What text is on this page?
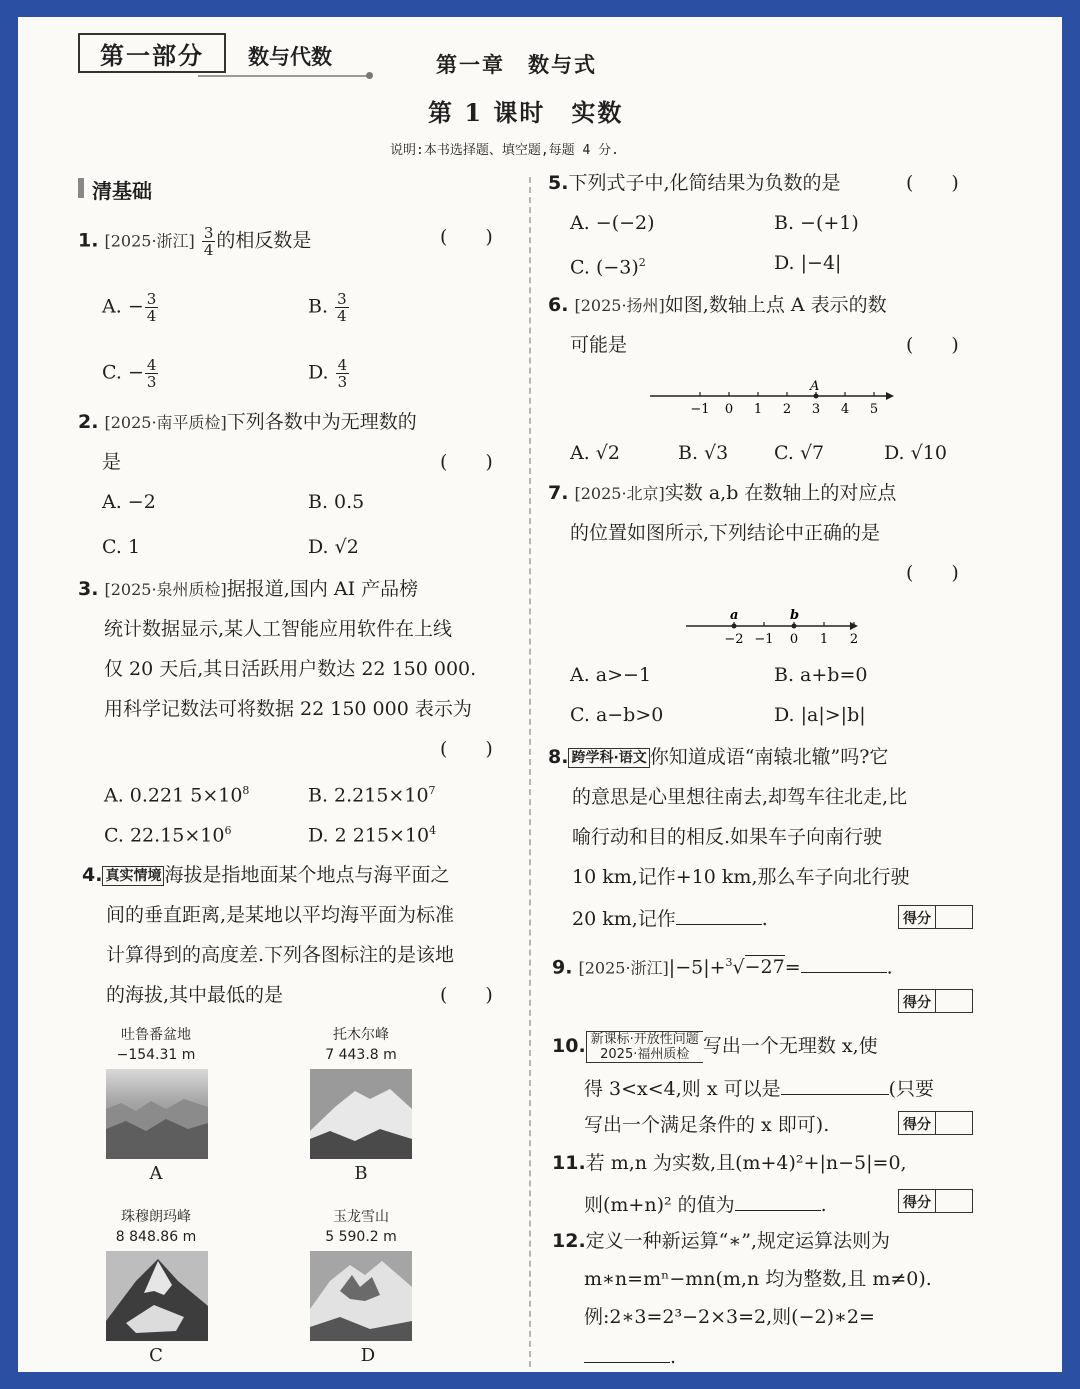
第一部分	数与代数	第一章　数与式
第 1 课时　实数
说明:本书选择题、填空题,每题 4 分.
清基础
1. [2025·浙江] $\frac{3}{4}$ 的相反数是	(　　)
A. − $\frac{3}{4}$	B. $\frac{3}{4}$
C. − $\frac{4}{3}$	D. $\frac{4}{3}$
2. [2025·南平质检]下列各数中为无理数的
是	(　　)
A. −2	B. 0.5
C. 1	D. √2
3. [2025·泉州质检]据报道,国内 AI 产品榜
统计数据显示,某人工智能应用软件在上线
仅 20 天后,其日活跃用户数达 22 150 000.
用科学记数法可将数据 22 150 000 表示为
(　　)
A. 0.221 $5\times 10^8$	B. $2.215\times 10^7$
C. $22.15\times 10^6$	D. 2 $215\times 10^4$
4. 真实情境 海拔是指地面某个地点与海平面之
间的垂直距离,是某地以平均海平面为标准
计算得到的高度差.下列各图标注的是该地
的海拔,其中最低的是	(　　)
吐鲁番盆地
−154.31 m
A
托木尔峰
7 443.8 m
B
珠穆朗玛峰
8 848.86 m
C
玉龙雪山
5 590.2 m
D
5.下列式子中,化简结果为负数的是	(　　)
A. −(−2)	B. −(+1)
C. $(-3)^2$	D. |−4|
6. [2025·扬州]如图,数轴上点 A 表示的数
可能是	(　　)
−1 0 1 2 3 4 5
A
A. √2	B. √3 C. √7	D. √10
7. [2025·北京]实数 a,b 在数轴上的对应点
的位置如图所示,下列结论中正确的是
(　　)
−2 −1 0 1 2
a	b
A. a>−1	B. a+b=0
C. a−b>0	D. |a|>|b|
8. 跨学科·语文 你知道成语“南辕北辙”吗?它
的意思是心里想往南去,却驾车往北走,比
喻行动和目的相反.如果车子向南行驶
10 km,记作+10 km,那么车子向北行驶
20 km,记作	.	得分
9. [2025·浙江]|−5|+$^3$√−27=	.
得分
10. 新课标·开放性问题
2025·福州质检 写出一个无理数 x,使
得 3<x<4,则 x 可以是	(只要
写出一个满足条件的 x 即可).	得分
11.若 m,n 为实数,且(m+4)²+|n−5|=0,
则(m+n)² 的值为	.	得分
12.定义一种新运算“∗”,规定运算法则为
m∗n=mⁿ−mn(m,n 均为整数,且 m≠0).
例:2∗3=2³−2×3=2,则(−2)∗2=
.
